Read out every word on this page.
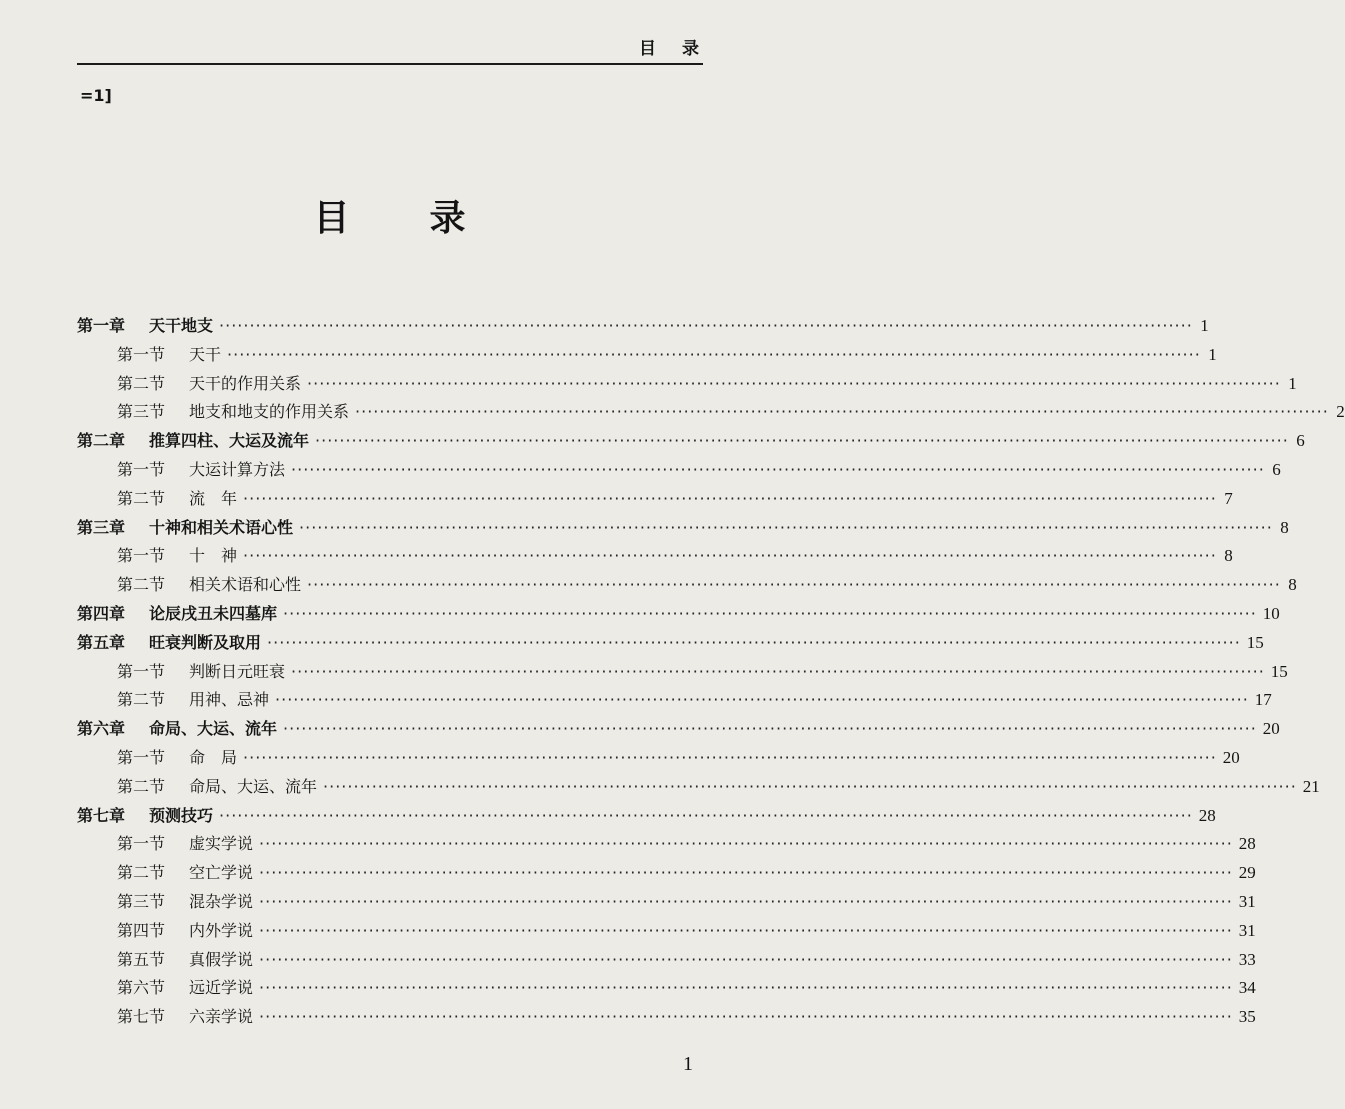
目录
=1]
目录
第一章 天干地支 ································································································································································ 1
第一节 天干 ································································································································································ 1
第二节 天干的作用关系 ································································································································································ 1
第三节 地支和地支的作用关系 ································································································································································ 2
第二章 推算四柱、大运及流年 ································································································································································ 6
第一节 大运计算方法 ································································································································································ 6
第二节 流　年 ································································································································································ 7
第三章 十神和相关术语心性 ································································································································································ 8
第一节 十　神 ································································································································································ 8
第二节 相关术语和心性 ································································································································································ 8
第四章 论辰戌丑未四墓库 ································································································································································ 10
第五章 旺衰判断及取用 ································································································································································ 15
第一节 判断日元旺衰 ································································································································································ 15
第二节 用神、忌神 ································································································································································ 17
第六章 命局、大运、流年 ································································································································································ 20
第一节 命　局 ································································································································································ 20
第二节 命局、大运、流年 ································································································································································ 21
第七章 预测技巧 ································································································································································ 28
第一节 虚实学说 ································································································································································ 28
第二节 空亡学说 ································································································································································ 29
第三节 混杂学说 ································································································································································ 31
第四节 内外学说 ································································································································································ 31
第五节 真假学说 ································································································································································ 33
第六节 远近学说 ································································································································································ 34
第七节 六亲学说 ································································································································································ 35
1
